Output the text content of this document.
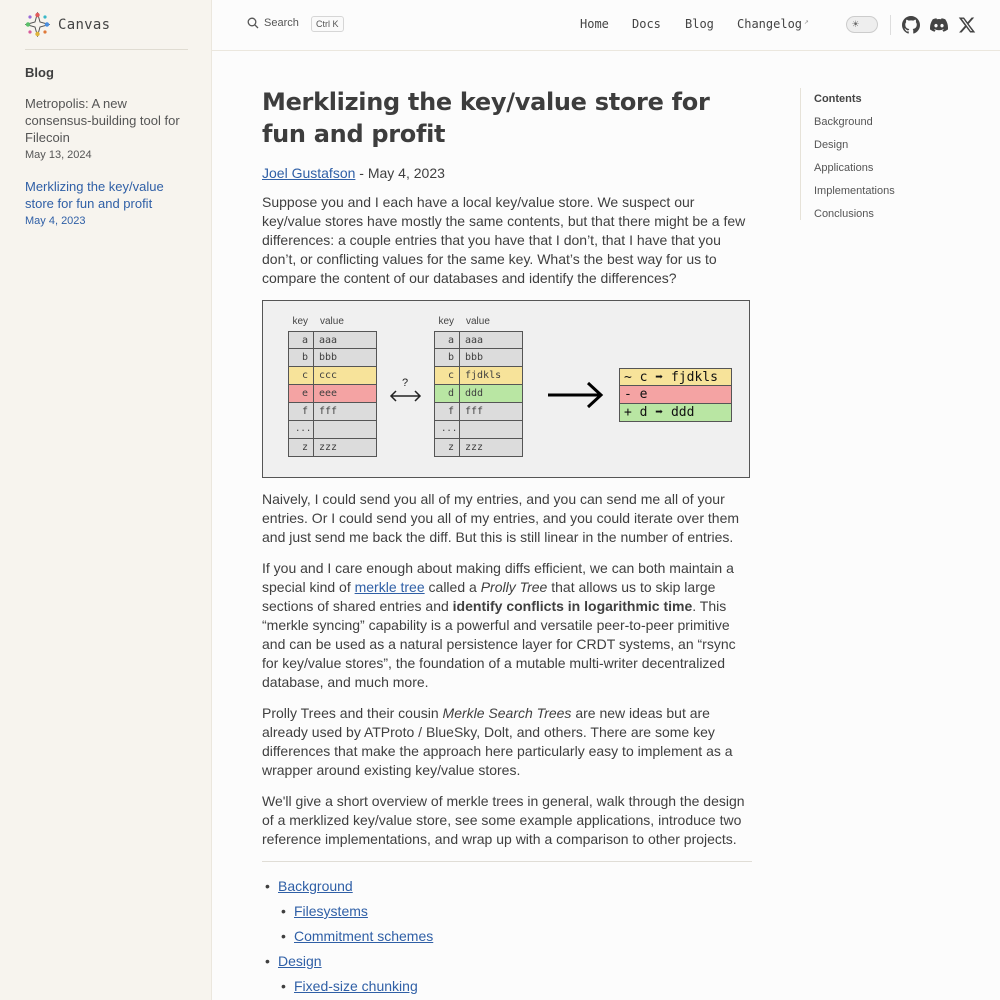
Canvas
Blog
Metropolis: A new consensus-building tool for Filecoin
May 13, 2024
Merklizing the key/value store for fun and profit
May 4, 2023
Search	Ctrl K	Home Docs Blog Changelog ↗	☀
Contents
Background
Design
Applications
Implementations
Conclusions
Merklizing the key/value store for fun and profit
Joel Gustafson - May 4, 2023

Suppose you and I each have a local key/value store. We suspect our key/value stores have mostly the same contents, but that there might be a few differences: a couple entries that you have that I don’t, that I have that you don’t, or conflicting values for the same key. What’s the best way for us to compare the content of our databases and identify the differences?

key	value
a	aaa
b	bbb
c	ccc
e	eee
f	fff
...
z	zzz
?
key	value
a	aaa
b	bbb
c	fjdkls
d	ddd
f	fff
...
z	zzz
~ c ➡ fjdkls
- e
+ d ➡ ddd

Naively, I could send you all of my entries, and you can send me all of your entries. Or I could send you all of my entries, and you could iterate over them and just send me back the diff. But this is still linear in the number of entries.

If you and I care enough about making diffs efficient, we can both maintain a special kind of merkle tree called a Prolly Tree that allows us to skip large sections of shared entries and identify conflicts in logarithmic time. This “merkle syncing” capability is a powerful and versatile peer-to-peer primitive and can be used as a natural persistence layer for CRDT systems, an “rsync for key/value stores”, the foundation of a mutable multi-writer decentralized database, and much more.

Prolly Trees and their cousin Merkle Search Trees are new ideas but are already used by ATProto / BlueSky, Dolt, and others. There are some key differences that make the approach here particularly easy to implement as a wrapper around existing key/value stores.

We'll give a short overview of merkle trees in general, walk through the design of a merklized key/value store, see some example applications, introduce two reference implementations, and wrap up with a comparison to other projects.

• Background
• Filesystems
• Commitment schemes
• Design
• Fixed-size chunking
